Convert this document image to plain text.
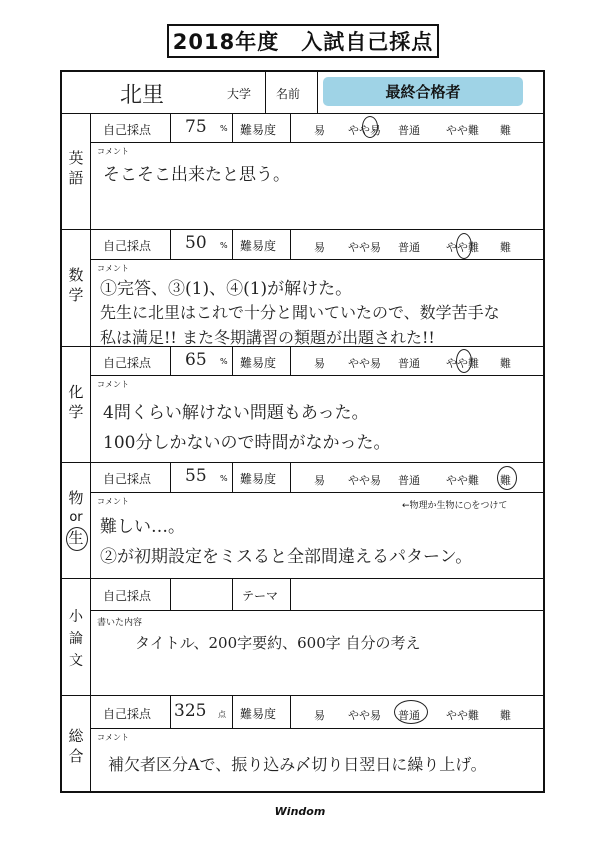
2018年度　入試自己採点
北里	大学 名前	最終合格者
英語
自己採点 75 % 難易度	易 やや易 普通 やや難 難
コメント
そこそこ出来たと思う。
数学
自己採点 50 % 難易度	易 やや易 普通 やや難 難
コメント
①完答、③(1)、④(1)が解けた。
先生に北里はこれで十分と聞いていたので、数学苦手な
私は満足!! また冬期講習の類題が出題された!!
化学
自己採点 65 % 難易度	易 やや易 普通 やや難 難
コメント
4問くらい解けない問題もあった。
100分しかないので時間がなかった。
物
or
生
自己採点 55 % 難易度	易 やや易 普通 やや難 難
コメント	←物理か生物に○をつけて
難しい…。
②が初期設定をミスると全部間違えるパターン。
小論文
自己採点	テーマ
書いた内容
タイトル、200字要約、600字 自分の考え
総合
自己採点 325 点 難易度	易 やや易 普通 やや難 難
コメント
補欠者区分Aで、振り込み〆切り日翌日に繰り上げ。
Windom
